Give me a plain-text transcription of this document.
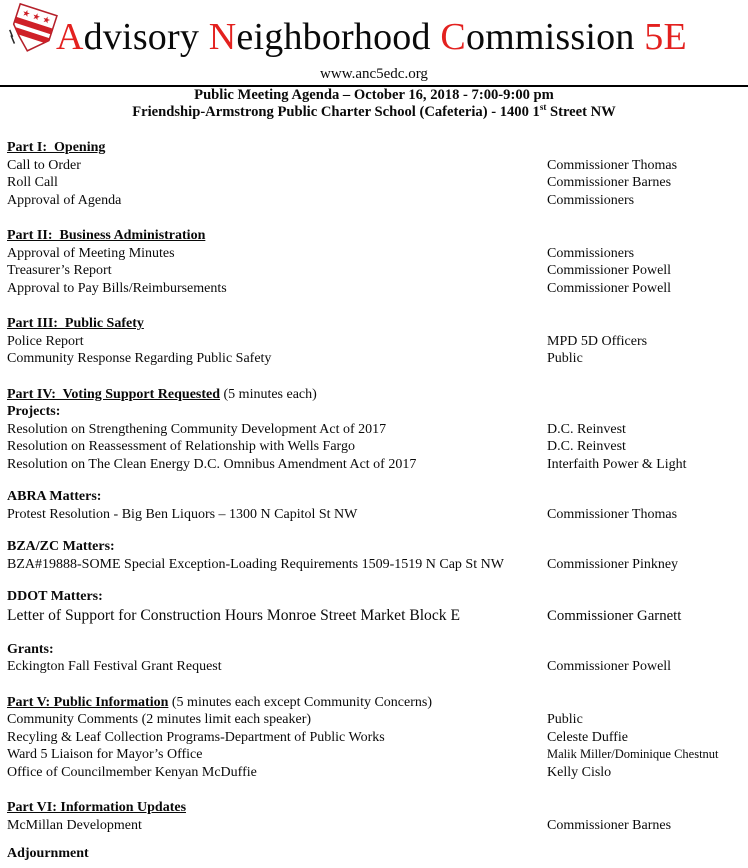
Advisory Neighborhood Commission 5E
www.anc5edc.org
Public Meeting Agenda – October 16, 2018 - 7:00-9:00 pm
Friendship-Armstrong Public Charter School (Cafeteria) - 1400 1st Street NW
Part I:  Opening
Call to Order	Commissioner Thomas
Roll Call	Commissioner Barnes
Approval of Agenda	Commissioners
Part II:  Business Administration
Approval of Meeting Minutes	Commissioners
Treasurer’s Report	Commissioner Powell
Approval to Pay Bills/Reimbursements	Commissioner Powell
Part III:  Public Safety
Police Report	MPD 5D Officers
Community Response Regarding Public Safety	Public
Part IV:  Voting Support Requested (5 minutes each)
Projects:
Resolution on Strengthening Community Development Act of 2017	D.C. Reinvest
Resolution on Reassessment of Relationship with Wells Fargo	D.C. Reinvest
Resolution on The Clean Energy D.C. Omnibus Amendment Act of 2017	Interfaith Power & Light
ABRA Matters:
Protest Resolution - Big Ben Liquors – 1300 N Capitol St NW	Commissioner Thomas
BZA/ZC Matters:
BZA#19888-SOME Special Exception-Loading Requirements 1509-1519 N Cap St NW	Commissioner Pinkney
DDOT Matters:
Letter of Support for Construction Hours Monroe Street Market Block E	Commissioner Garnett
Grants:
Eckington Fall Festival Grant Request	Commissioner Powell
Part V: Public Information (5 minutes each except Community Concerns)
Community Comments (2 minutes limit each speaker)	Public
Recyling & Leaf Collection Programs-Department of Public Works	Celeste Duffie
Ward 5 Liaison for Mayor’s Office	Malik Miller/Dominique Chestnut
Office of Councilmember Kenyan McDuffie	Kelly Cislo
Part VI: Information Updates
McMillan Development	Commissioner Barnes
Adjournment
